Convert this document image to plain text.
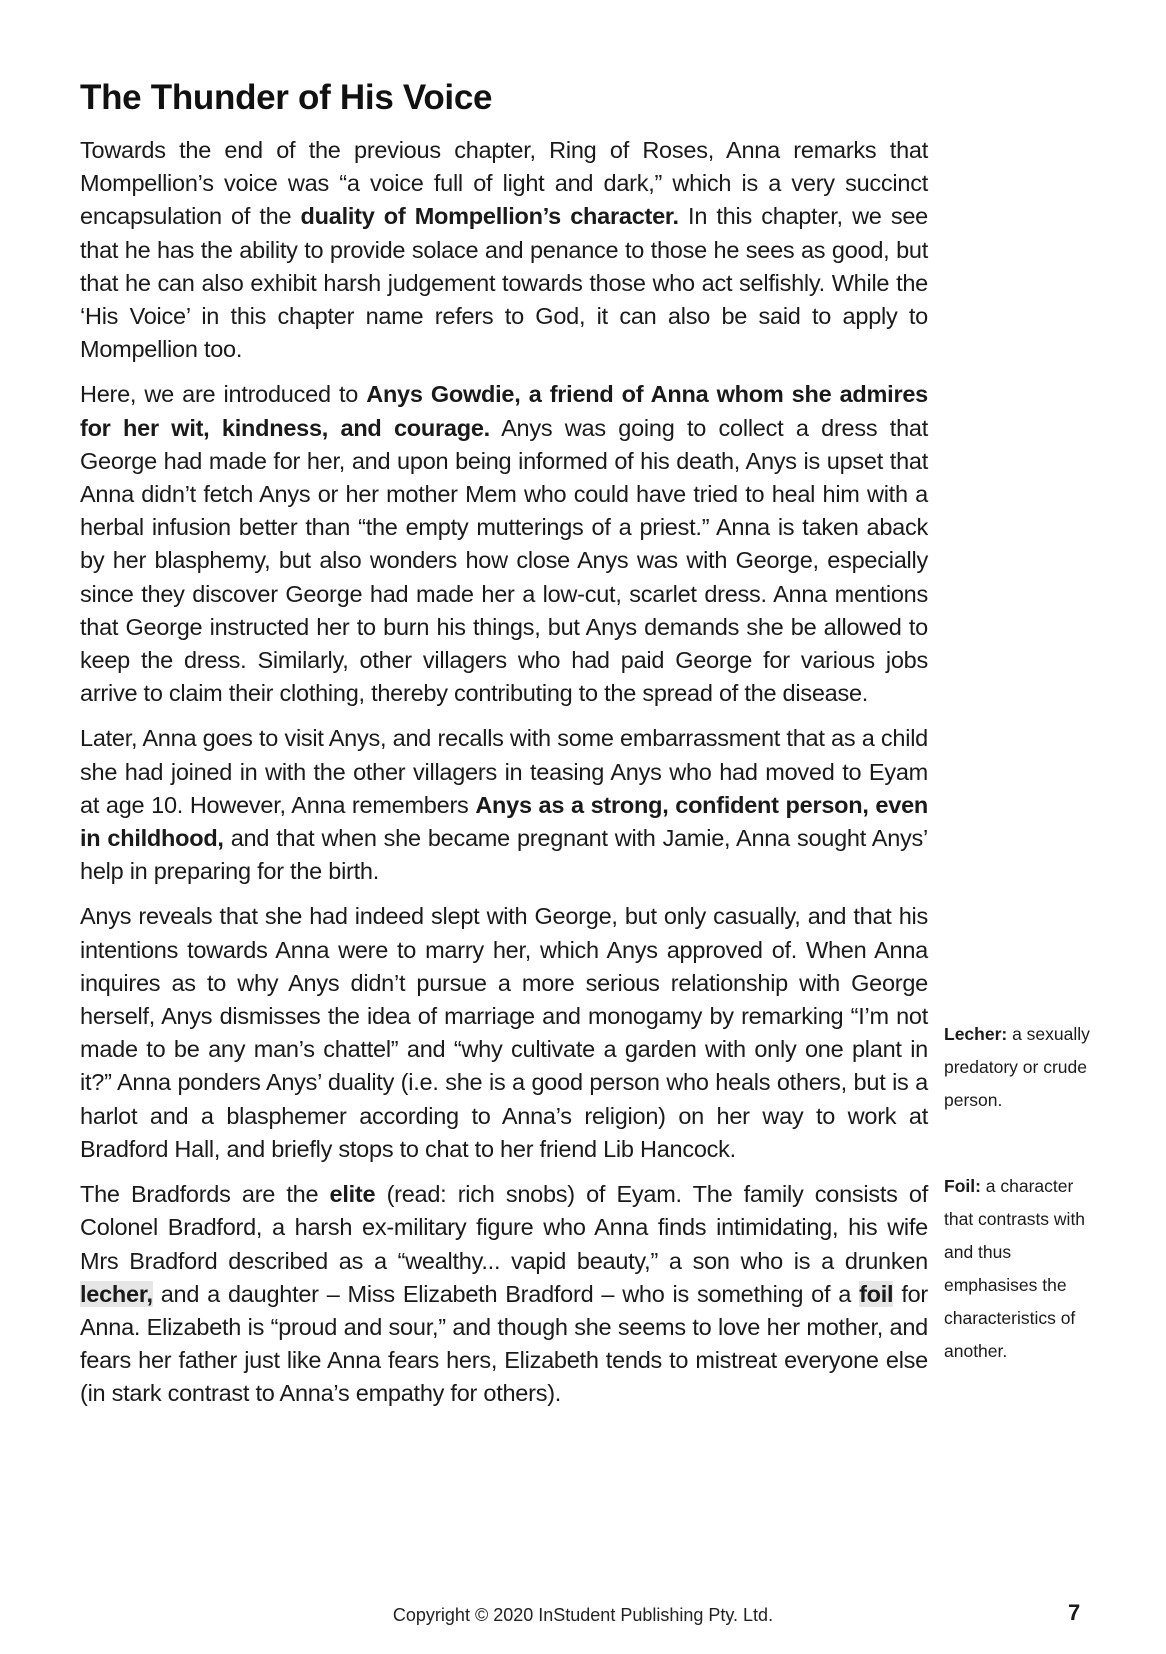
The Thunder of His Voice

Towards the end of the previous chapter, Ring of Roses, Anna remarks that Mompellion’s voice was “a voice full of light and dark,” which is a very succinct encapsulation of the duality of Mompellion’s character. In this chapter, we see that he has the ability to provide solace and penance to those he sees as good, but that he can also exhibit harsh judgement towards those who act selfishly. While the ‘His Voice’ in this chapter name refers to God, it can also be said to apply to Mompellion too.

Here, we are introduced to Anys Gowdie, a friend of Anna whom she admires for her wit, kindness, and courage. Anys was going to collect a dress that George had made for her, and upon being informed of his death, Anys is upset that Anna didn’t fetch Anys or her mother Mem who could have tried to heal him with a herbal infusion better than “the empty mutterings of a priest.” Anna is taken aback by her blasphemy, but also wonders how close Anys was with George, especially since they discover George had made her a low-cut, scarlet dress. Anna mentions that George instructed her to burn his things, but Anys demands she be allowed to keep the dress. Similarly, other villagers who had paid George for various jobs arrive to claim their clothing, thereby contributing to the spread of the disease.

Later, Anna goes to visit Anys, and recalls with some embarrassment that as a child she had joined in with the other villagers in teasing Anys who had moved to Eyam at age 10. However, Anna remembers Anys as a strong, confident person, even in childhood, and that when she became pregnant with Jamie, Anna sought Anys’ help in preparing for the birth.

Anys reveals that she had indeed slept with George, but only casually, and that his intentions towards Anna were to marry her, which Anys approved of. When Anna inquires as to why Anys didn’t pursue a more serious relationship with George herself, Anys dismisses the idea of marriage and monogamy by remarking “I’m not made to be any man’s chattel” and “why cultivate a garden with only one plant in it?” Anna ponders Anys’ duality (i.e. she is a good person who heals others, but is a harlot and a blasphemer according to Anna’s religion) on her way to work at Bradford Hall, and briefly stops to chat to her friend Lib Hancock.

The Bradfords are the elite (read: rich snobs) of Eyam. The family consists of Colonel Bradford, a harsh ex-military figure who Anna finds intimidating, his wife Mrs Bradford described as a “wealthy... vapid beauty,” a son who is a drunken lecher, and a daughter – Miss Elizabeth Bradford – who is something of a foil for Anna. Elizabeth is “proud and sour,” and though she seems to love her mother, and fears her father just like Anna fears hers, Elizabeth tends to mistreat everyone else (in stark contrast to Anna’s empathy for others).

Lecher: a sexually predatory or crude person.
Foil: a character that contrasts with and thus emphasises the characteristics of another.
Copyright © 2020 InStudent Publishing Pty. Ltd.	7
